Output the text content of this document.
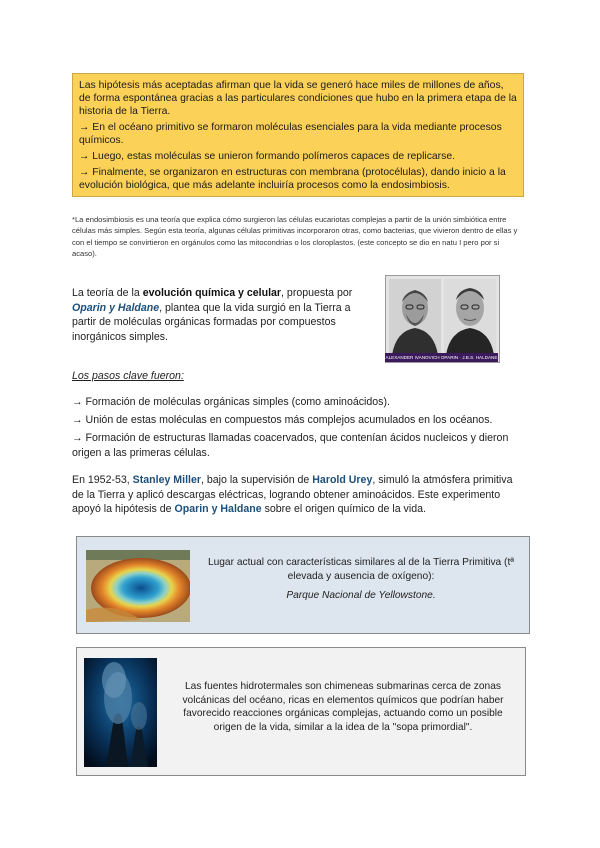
Las hipótesis más aceptadas afirman que la vida se generó hace miles de millones de años, de forma espontánea gracias a las particulares condiciones que hubo en la primera etapa de la historia de la Tierra.

→ En el océano primitivo se formaron moléculas esenciales para la vida mediante procesos químicos.

→ Luego, estas moléculas se unieron formando polímeros capaces de replicarse.

→ Finalmente, se organizaron en estructuras con membrana (protocélulas), dando inicio a la evolución biológica, que más adelante incluiría procesos como la endosimbiosis.

*La endosimbiosis es una teoría que explica cómo surgieron las células eucariotas complejas a partir de la unión simbiótica entre células más simples. Según esta teoría, algunas células primitivas incorporaron otras, como bacterias, que vivieron dentro de ellas y con el tiempo se convirtieron en orgánulos como las mitocondrias o los cloroplastos. (este concepto se dio en natu I pero por si acaso).

La teoría de la evolución química y celular, propuesta por Oparin y Haldane, plantea que la vida surgió en la Tierra a partir de moléculas orgánicas formadas por compuestos inorgánicos simples.

ALEXANDER IVANOVICH OPARIN · J.B.S. HALDANE
Los pasos clave fueron:

→ Formación de moléculas orgánicas simples (como aminoácidos).

→ Unión de estas moléculas en compuestos más complejos acumulados en los océanos.

→ Formación de estructuras llamadas coacervados, que contenían ácidos nucleicos y dieron origen a las primeras células.

En 1952-53, Stanley Miller, bajo la supervisión de Harold Urey, simuló la atmósfera primitiva de la Tierra y aplicó descargas eléctricas, logrando obtener aminoácidos. Este experimento apoyó la hipótesis de Oparin y Haldane sobre el origen químico de la vida.

Lugar actual con características similares al de la Tierra Primitiva (tª elevada y ausencia de oxígeno):

Parque Nacional de Yellowstone.

Las fuentes hidrotermales son chimeneas submarinas cerca de zonas volcánicas del océano, ricas en elementos químicos que podrían haber favorecido reacciones orgánicas complejas, actuando como un posible origen de la vida, similar a la idea de la "sopa primordial".
